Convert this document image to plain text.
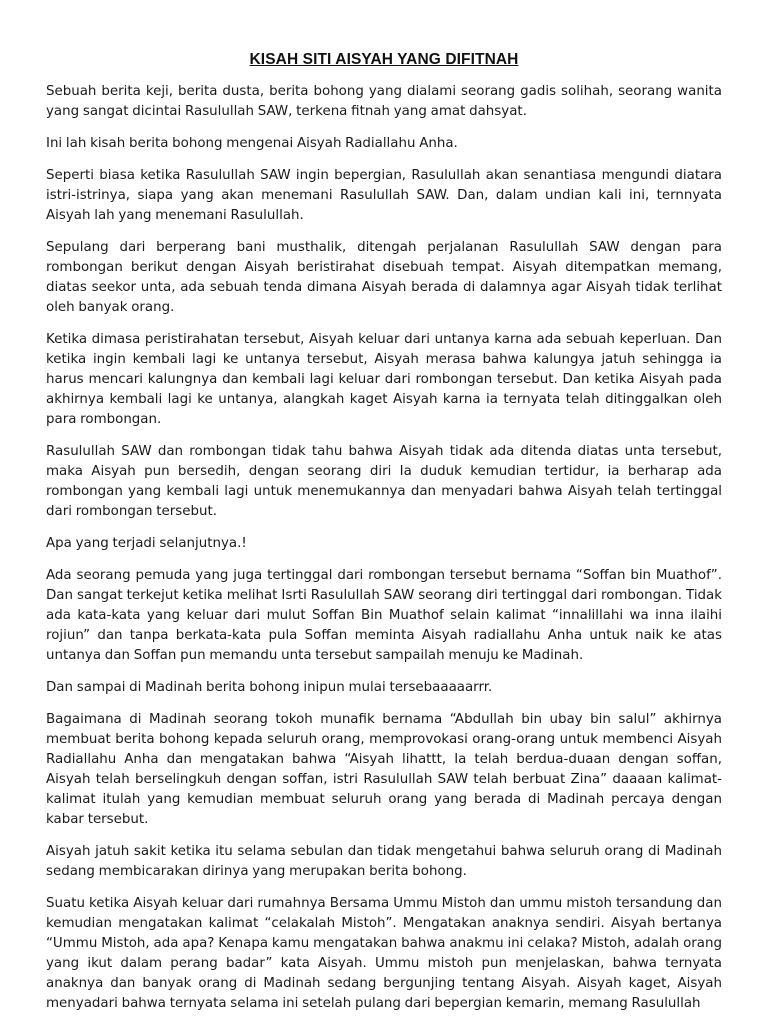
KISAH SITI AISYAH YANG DIFITNAH

Sebuah berita keji, berita dusta, berita bohong yang dialami seorang gadis solihah, seorang wanita yang sangat dicintai Rasulullah SAW, terkena fitnah yang amat dahsyat.

Ini lah kisah berita bohong mengenai Aisyah Radiallahu Anha.

Seperti biasa ketika Rasulullah SAW ingin bepergian, Rasulullah akan senantiasa mengundi diatara istri-istrinya, siapa yang akan menemani Rasulullah SAW. Dan, dalam undian kali ini, ternnyata Aisyah lah yang menemani Rasulullah.

Sepulang dari berperang bani musthalik, ditengah perjalanan Rasulullah SAW dengan para rombongan berikut dengan Aisyah beristirahat disebuah tempat. Aisyah ditempatkan memang, diatas seekor unta, ada sebuah tenda dimana Aisyah berada di dalamnya agar Aisyah tidak terlihat oleh banyak orang.

Ketika dimasa peristirahatan tersebut, Aisyah keluar dari untanya karna ada sebuah keperluan. Dan ketika ingin kembali lagi ke untanya tersebut, Aisyah merasa bahwa kalungya jatuh sehingga ia harus mencari kalungnya dan kembali lagi keluar dari rombongan tersebut. Dan ketika Aisyah pada akhirnya kembali lagi ke untanya, alangkah kaget Aisyah karna ia ternyata telah ditinggalkan oleh para rombongan.

Rasulullah SAW dan rombongan tidak tahu bahwa Aisyah tidak ada ditenda diatas unta tersebut, maka Aisyah pun bersedih, dengan seorang diri Ia duduk kemudian tertidur, ia berharap ada rombongan yang kembali lagi untuk menemukannya dan menyadari bahwa Aisyah telah tertinggal dari rombongan tersebut.

Apa yang terjadi selanjutnya.!

Ada seorang pemuda yang juga tertinggal dari rombongan tersebut bernama “Soffan bin Muathof”. Dan sangat terkejut ketika melihat Isrti Rasulullah SAW seorang diri tertinggal dari rombongan. Tidak ada kata-kata yang keluar dari mulut Soffan Bin Muathof selain kalimat “innalillahi wa inna ilaihi rojiun” dan tanpa berkata-kata pula Soffan meminta Aisyah radiallahu Anha untuk naik ke atas untanya dan Soffan pun memandu unta tersebut sampailah menuju ke Madinah.

Dan sampai di Madinah berita bohong inipun mulai tersebaaaaarrr.

Bagaimana di Madinah seorang tokoh munafik bernama “Abdullah bin ubay bin salul” akhirnya membuat berita bohong kepada seluruh orang, memprovokasi orang-orang untuk membenci Aisyah Radiallahu Anha dan mengatakan bahwa “Aisyah lihattt, Ia telah berdua-duaan dengan soffan, Aisyah telah berselingkuh dengan soffan, istri Rasulullah SAW telah berbuat Zina” daaaan kalimat-kalimat itulah yang kemudian membuat seluruh orang yang berada di Madinah percaya dengan kabar tersebut.

Aisyah jatuh sakit ketika itu selama sebulan dan tidak mengetahui bahwa seluruh orang di Madinah sedang membicarakan dirinya yang merupakan berita bohong.

Suatu ketika Aisyah keluar dari rumahnya Bersama Ummu Mistoh dan ummu mistoh tersandung dan kemudian mengatakan kalimat “celakalah Mistoh”. Mengatakan anaknya sendiri. Aisyah bertanya “Ummu Mistoh, ada apa? Kenapa kamu mengatakan bahwa anakmu ini celaka? Mistoh, adalah orang yang ikut dalam perang badar” kata Aisyah. Ummu mistoh pun menjelaskan, bahwa ternyata anaknya dan banyak orang di Madinah sedang bergunjing tentang Aisyah. Aisyah kaget, Aisyah menyadari bahwa ternyata selama ini setelah pulang dari bepergian kemarin, memang Rasulullah
